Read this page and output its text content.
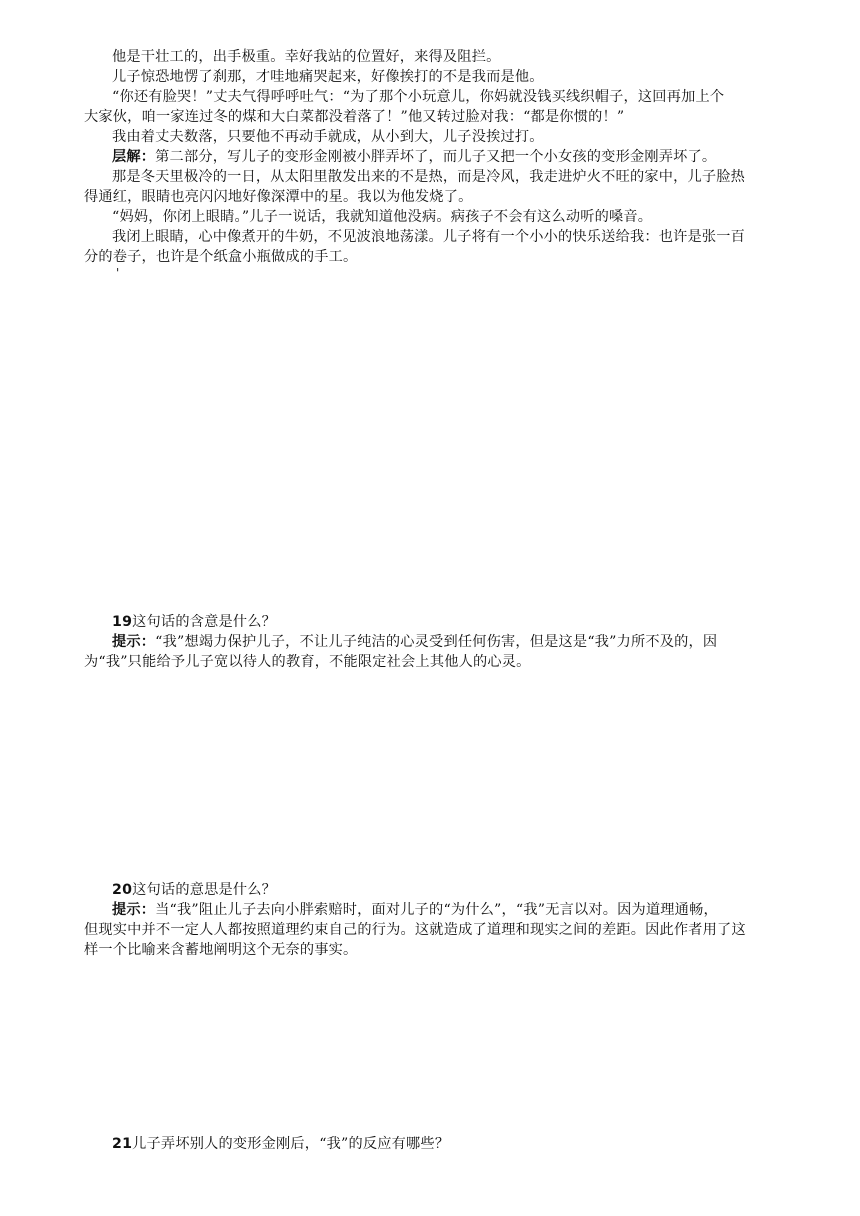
他是干壮工的，出手极重。幸好我站的位置好，来得及阻拦。
儿子惊恐地愣了刹那，才哇地痛哭起来，好像挨打的不是我而是他。
“你还有脸哭！”丈夫气得呼呼吐气：“为了那个小玩意儿，你妈就没钱买线织帽子，这回再加上个
大家伙，咱一家连过冬的煤和大白菜都没着落了！”他又转过脸对我：“都是你惯的！”
我由着丈夫数落，只要他不再动手就成，从小到大，儿子没挨过打。
层解：第二部分，写儿子的变形金刚被小胖弄坏了，而儿子又把一个小女孩的变形金刚弄坏了。
那是冬天里极冷的一日，从太阳里散发出来的不是热，而是冷风，我走进炉火不旺的家中，儿子脸热
得通红，眼睛也亮闪闪地好像深潭中的星。我以为他发烧了。
“妈妈，你闭上眼睛。”儿子一说话，我就知道他没病。病孩子不会有这么动听的嗓音。
我闭上眼睛，心中像煮开的牛奶，不见波浪地荡漾。儿子将有一个小小的快乐送给我：也许是张一百
分的卷子，也许是个纸盒小瓶做成的手工。
'
19这句话的含意是什么？
提示：“我”想竭力保护儿子，不让儿子纯洁的心灵受到任何伤害，但是这是“我”力所不及的，因
为“我”只能给予儿子宽以待人的教育，不能限定社会上其他人的心灵。
20这句话的意思是什么？
提示：当“我”阻止儿子去向小胖索赔时，面对儿子的“为什么”，“我”无言以对。因为道理通畅，
但现实中并不一定人人都按照道理约束自己的行为。这就造成了道理和现实之间的差距。因此作者用了这
样一个比喻来含蓄地阐明这个无奈的事实。
21儿子弄坏别人的变形金刚后，“我”的反应有哪些？
